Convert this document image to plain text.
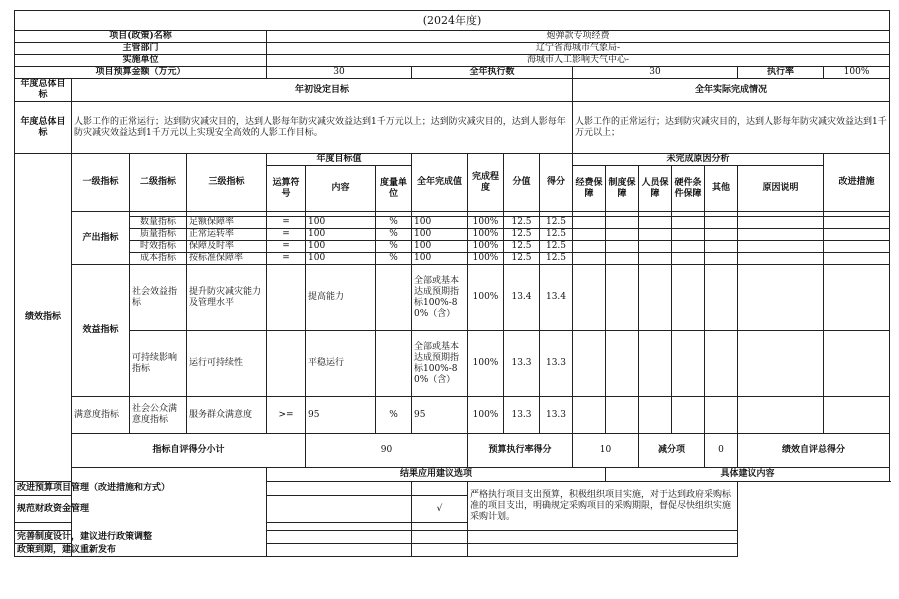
(2024年度)																		
项目(政策)名称				炮弹款专项经费														
主管部门				辽宁省海城市气象局-														
实施单位				海城市人工影响天气中心-														
项目预算金额（万元）				30			全年执行数				30					执行率	100%	
年度总体目标	年初设定目标										全年实际完成情况							
年度总体目标	人影工作的正常运行；达到防灾减灾目的，达到人影每年防灾减灾效益达到1千万元以上；达到防灾减灾目的，达到人影每年防灾减灾效益达到1千万元以上实现安全高效的人影工作目标。										人影工作的正常运行；达到防灾减灾目的，达到人影每年防灾减灾效益达到1千万元以上；							
绩效指标	一级指标	二级指标	三级指标	年度目标值			全年完成值	完成程度	分值	得分	未完成原因分析						改进措施	
				运算符号	内容	度量单位					经费保障	制度保障	人员保障	硬件条件保障	其他	原因说明		

	产出指标																	
		数量指标	足额保障率	=	100	%	100	100%	12.5	12.5								
		质量指标	正常运转率	=	100	%	100	100%	12.5	12.5								
		时效指标	保障及时率	=	100	%	100	100%	12.5	12.5								
		成本指标	按标准保障率	=	100	%	100	100%	12.5	12.5								
	效益指标	社会效益指标	提升防灾减灾能力及管理水平		提高能力		全部或基本达成预期指标100%-80%（含）	100%	13.4	13.4								
		可持续影响指标	运行可持续性		平稳运行		全部或基本达成预期指标100%-80%（含）	100%	13.3	13.3								
	满意度指标	社会公众满意度指标	服务群众满意度	>=	95	%	95	100%	13.3	13.3								
	指标自评得分小计				90			预算执行率得分			10		减分项		0	绩效自评总得分	
				结果应用建议选项								具体建议内容						
改进预算项目管理（改进措施和方式）								严格执行项目支出预算，积极组织项目实施，对于达到政府采购标准的项目支出，明确规定采购项目的采购期限，督促尽快组织实施采购计划。										
规范财政资金管理							√											

完善制度设计，建议进行政策调整																		
政策到期，建议重新发布																		
